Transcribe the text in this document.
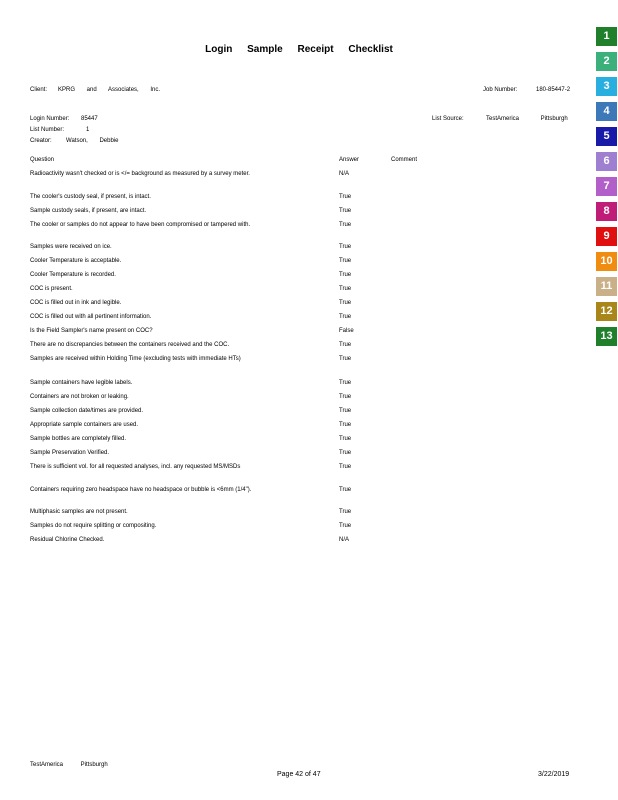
Login Sample Receipt Checklist
Client: KPRG and Associates, Inc.	Job Number:	180-85447-2
Login Number: 85447	List Source:	TestAmerica Pittsburgh
List Number:	1
Creator: Watson, Debbie
Question	Answer	Comment
Radioactivity wasn't checked or is </= background as measured by a survey meter.	N/A
The cooler's custody seal, if present, is intact.	True
Sample custody seals, if present, are intact.	True
The cooler or samples do not appear to have been compromised or tampered with.	True
Samples were received on ice.	True
Cooler Temperature is acceptable.	True
Cooler Temperature is recorded.	True
COC is present.	True
COC is filled out in ink and legible.	True
COC is filled out with all pertinent information.	True
Is the Field Sampler's name present on COC?	False
There are no discrepancies between the containers received and the COC.	True
Samples are received within Holding Time (excluding tests with immediate HTs)	True
Sample containers have legible labels.	True
Containers are not broken or leaking.	True
Sample collection date/times are provided.	True
Appropriate sample containers are used.	True
Sample bottles are completely filled.	True
Sample Preservation Verified.	True
There is sufficient vol. for all requested analyses, incl. any requested MS/MSDs	True
Containers requiring zero headspace have no headspace or bubble is <6mm (1/4").	True
Multiphasic samples are not present.	True
Samples do not require splitting or compositing.	True
Residual Chlorine Checked.	N/A
TestAmerica Pittsburgh
Page 42 of 47	3/22/2019
1
2
3
4
5
6
7
8
9
10
11
12
13
